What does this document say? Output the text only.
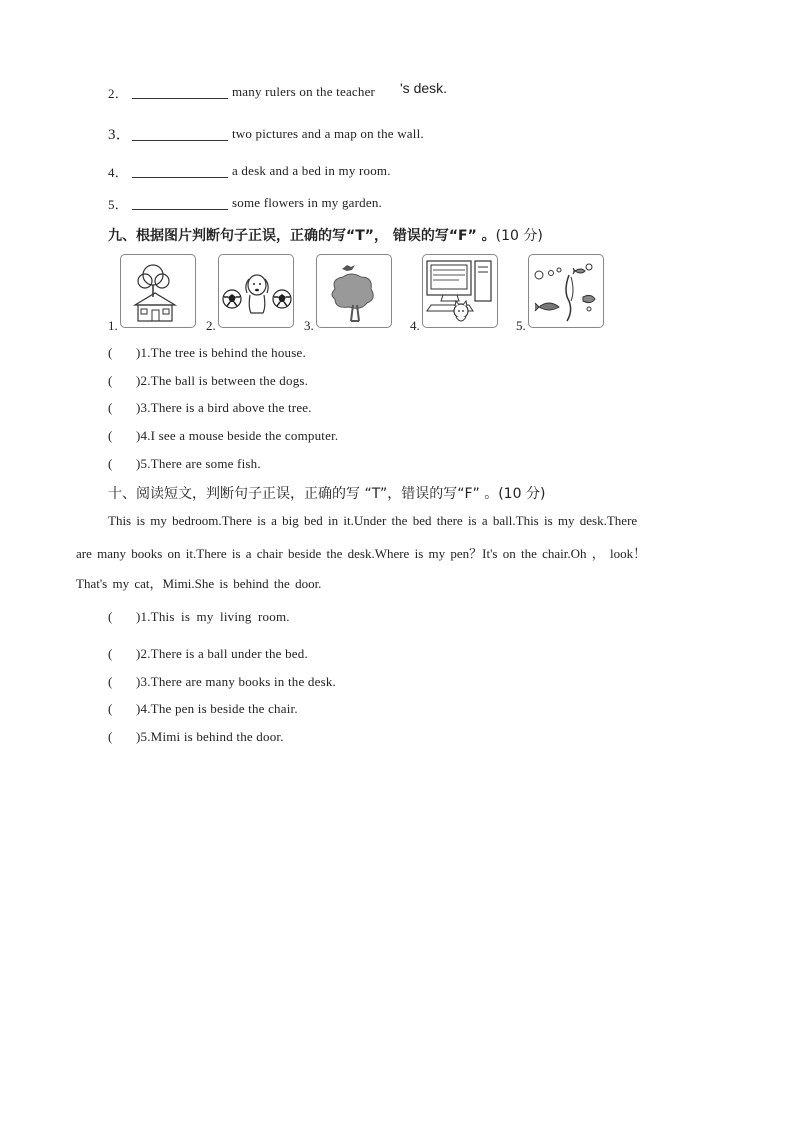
2．	many rulers on the teacher 's desk.
3．	two pictures and a map on the wall.
4．	a desk and a bed in my room.
5．	some flowers in my garden.
九、根据图片判断句子正误，正确的写“T”， 错误的写“F” 。(10 分)
1.	2.	3.	4.	5.
( )1.The tree is behind the house.
( )2.The ball is between the dogs.
( )3.There is a bird above the tree.
( )4.I see a mouse beside the computer.
( )5.There are some fish.
十、阅读短文，判断句子正误，正确的写 “T”，错误的写“F” 。(10 分)
This is my bedroom.There is a big bed in it.Under the bed there is a ball.This is my desk.There
are many books on it.There is a chair beside the desk.Where is my pen？It's on the chair.Oh ， look！
That's my cat，Mimi.She is behind the door.
( )1.This is my living room.
( )2.There is a ball under the bed.
( )3.There are many books in the desk.
( )4.The pen is beside the chair.
( )5.Mimi is behind the door.
